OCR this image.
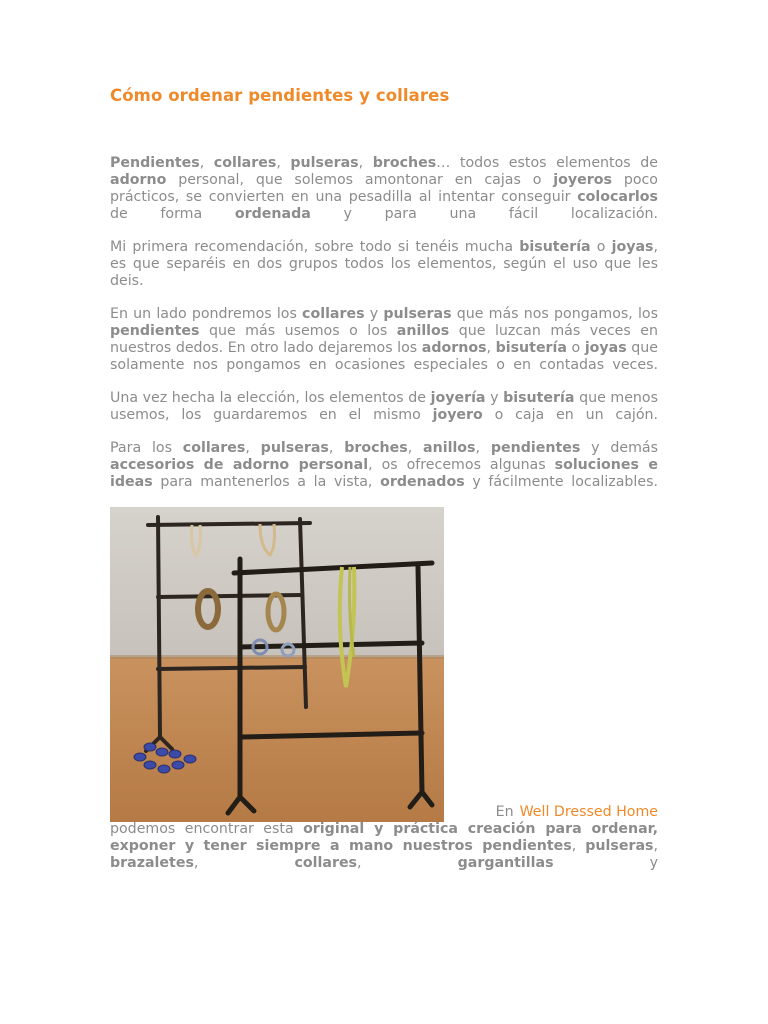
Cómo ordenar pendientes y collares

Pendientes, collares, pulseras, broches… todos estos elementos de adorno personal, que solemos amontonar en cajas o joyeros poco prácticos, se convierten en una pesadilla al intentar conseguir colocarlos de forma ordenada y para una fácil localización.

Mi primera recomendación, sobre todo si tenéis mucha bisutería o joyas, es que separéis en dos grupos todos los elementos, según el uso que les deis.

En un lado pondremos los collares y pulseras que más nos pongamos, los pendientes que más usemos o los anillos que luzcan más veces en nuestros dedos. En otro lado dejaremos los adornos, bisutería o joyas que solamente nos pongamos en ocasiones especiales o en contadas veces.

Una vez hecha la elección, los elementos de joyería y bisutería que menos usemos, los guardaremos en el mismo joyero o caja en un cajón.

Para los collares, pulseras, broches, anillos, pendientes y demás accesorios de adorno personal, os ofrecemos algunas soluciones e ideas para mantenerlos a la vista, ordenados y fácilmente localizables.

En Well Dressed Home
podemos encontrar esta original y práctica creación para ordenar, exponer y tener siempre a mano nuestros pendientes, pulseras, brazaletes, collares, gargantillas y
